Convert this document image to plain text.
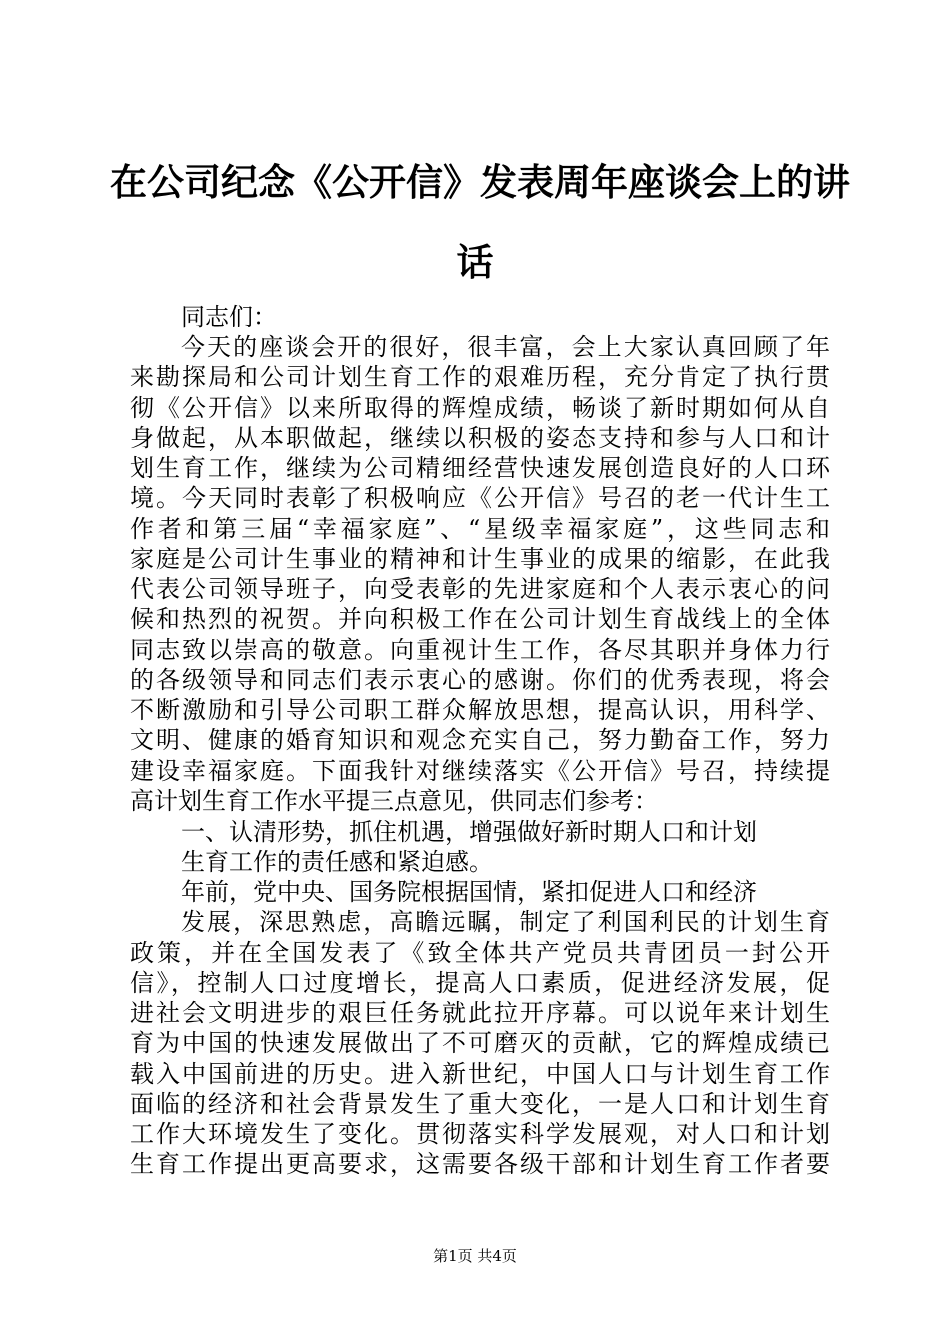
在公司纪念《公开信》发表周年座谈会上的讲
话
同志们：
今天的座谈会开的很好，很丰富，会上大家认真回顾了年
来勘探局和公司计划生育工作的艰难历程，充分肯定了执行贯
彻《公开信》以来所取得的辉煌成绩，畅谈了新时期如何从自
身做起，从本职做起，继续以积极的姿态支持和参与人口和计
划生育工作，继续为公司精细经营快速发展创造良好的人口环
境。今天同时表彰了积极响应《公开信》号召的老一代计生工
作者和第三届“幸福家庭”、“星级幸福家庭”，这些同志和
家庭是公司计生事业的精神和计生事业的成果的缩影，在此我
代表公司领导班子，向受表彰的先进家庭和个人表示衷心的问
候和热烈的祝贺。并向积极工作在公司计划生育战线上的全体
同志致以崇高的敬意。向重视计生工作，各尽其职并身体力行
的各级领导和同志们表示衷心的感谢。你们的优秀表现，将会
不断激励和引导公司职工群众解放思想，提高认识，用科学、
文明、健康的婚育知识和观念充实自己，努力勤奋工作，努力
建设幸福家庭。下面我针对继续落实《公开信》号召，持续提
高计划生育工作水平提三点意见，供同志们参考：
一、认清形势，抓住机遇，增强做好新时期人口和计划
生育工作的责任感和紧迫感。
年前，党中央、国务院根据国情，紧扣促进人口和经济
发展，深思熟虑，高瞻远瞩，制定了利国利民的计划生育
政策，并在全国发表了《致全体共产党员共青团员一封公开
信》，控制人口过度增长，提高人口素质，促进经济发展，促
进社会文明进步的艰巨任务就此拉开序幕。可以说年来计划生
育为中国的快速发展做出了不可磨灭的贡献，它的辉煌成绩已
载入中国前进的历史。进入新世纪，中国人口与计划生育工作
面临的经济和社会背景发生了重大变化，一是人口和计划生育
工作大环境发生了变化。贯彻落实科学发展观，对人口和计划
生育工作提出更高要求，这需要各级干部和计划生育工作者要
第1页 共4页
